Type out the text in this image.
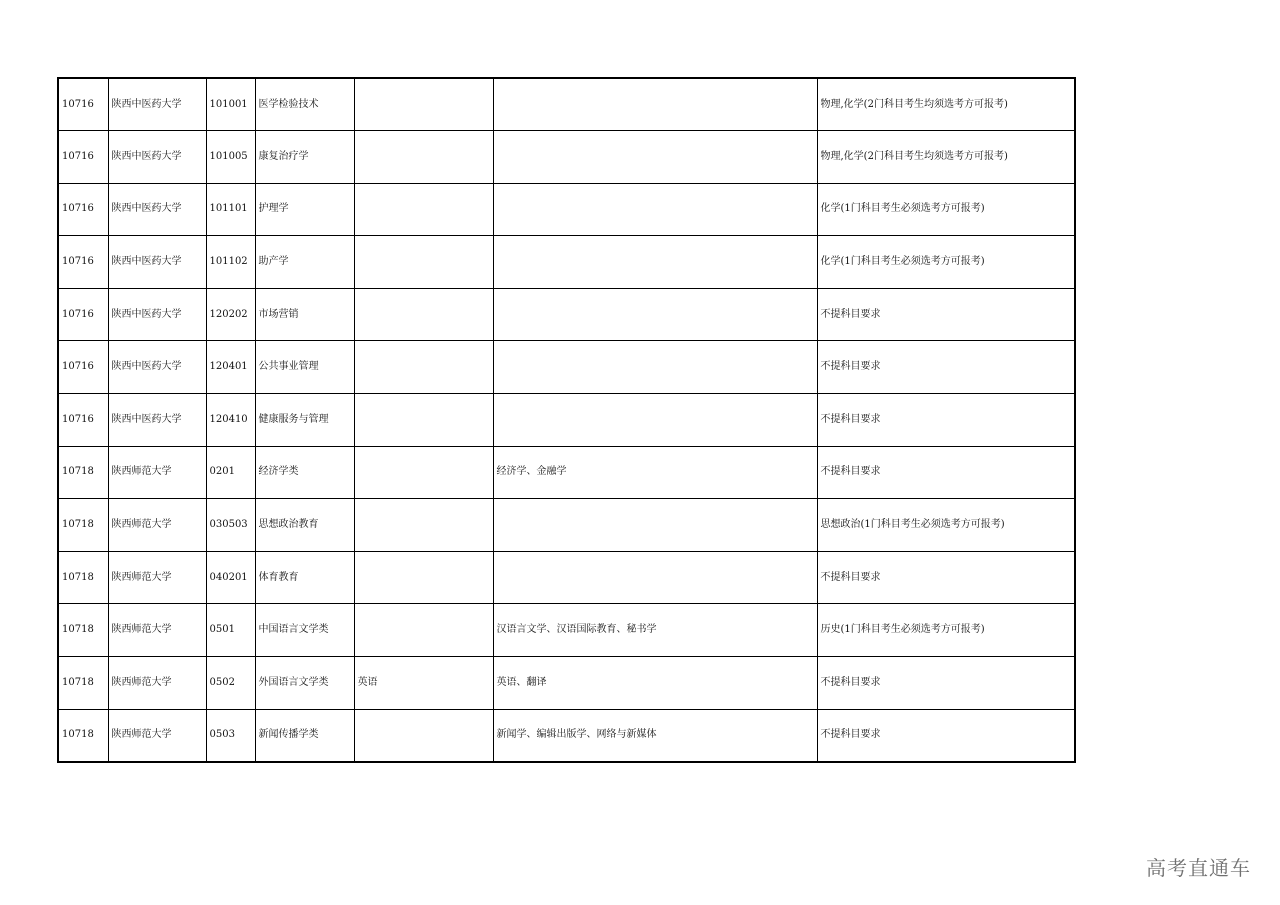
10716	陕西中医药大学	101001	医学检验技术			物理,化学(2门科目考生均须选考方可报考)
10716	陕西中医药大学	101005	康复治疗学			物理,化学(2门科目考生均须选考方可报考)
10716	陕西中医药大学	101101	护理学			化学(1门科目考生必须选考方可报考)
10716	陕西中医药大学	101102	助产学			化学(1门科目考生必须选考方可报考)
10716	陕西中医药大学	120202	市场营销			不提科目要求
10716	陕西中医药大学	120401	公共事业管理			不提科目要求
10716	陕西中医药大学	120410	健康服务与管理			不提科目要求
10718	陕西师范大学	0201	经济学类		经济学、金融学	不提科目要求
10718	陕西师范大学	030503	思想政治教育			思想政治(1门科目考生必须选考方可报考)
10718	陕西师范大学	040201	体育教育			不提科目要求
10718	陕西师范大学	0501	中国语言文学类		汉语言文学、汉语国际教育、秘书学	历史(1门科目考生必须选考方可报考)
10718	陕西师范大学	0502	外国语言文学类	英语	英语、翻译	不提科目要求
10718	陕西师范大学	0503	新闻传播学类		新闻学、编辑出版学、网络与新媒体	不提科目要求
高考直通车
